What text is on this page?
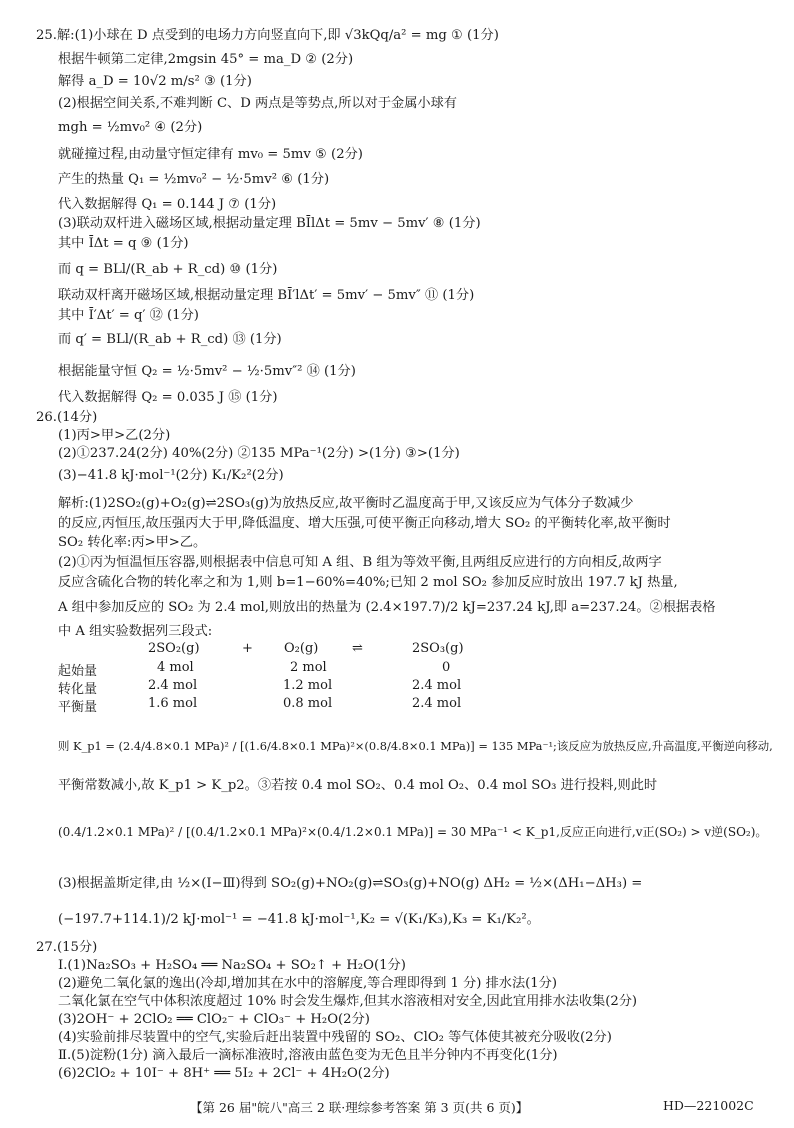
25.解:(1)小球在 D 点受到的电场力方向竖直向下,即 √3kQq/a² = mg ① (1分)
根据牛顿第二定律,2mgsin 45° = ma_D ② (2分)
解得 a_D = 10√2 m/s² ③ (1分)
(2)根据空间关系,不难判断 C、D 两点是等势点,所以对于金属小球有
mgh = ½mv₀² ④ (2分)
就碰撞过程,由动量守恒定律有 mv₀ = 5mv ⑤ (2分)
产生的热量 Q₁ = ½mv₀² − ½·5mv² ⑥ (1分)
代入数据解得 Q₁ = 0.144 J ⑦ (1分)
(3)联动双杆进入磁场区域,根据动量定理 BĪlΔt = 5mv − 5mv′ ⑧ (1分)
其中 ĪΔt = q ⑨ (1分)
而 q = BLl/(R_ab + R_cd) ⑩ (1分)
联动双杆离开磁场区域,根据动量定理 BĪ′lΔt′ = 5mv′ − 5mv″ ⑪ (1分)
其中 Ī′Δt′ = q′ ⑫ (1分)
而 q′ = BLl/(R_ab + R_cd) ⑬ (1分)
根据能量守恒 Q₂ = ½·5mv² − ½·5mv″² ⑭ (1分)
代入数据解得 Q₂ = 0.035 J ⑮ (1分)
26.(14分)
(1)丙>甲>乙(2分)
(2)①237.24(2分) 40%(2分) ②135 MPa⁻¹(2分) >(1分) ③>(1分)
(3)−41.8 kJ·mol⁻¹(2分) K₁/K₂²(2分)
解析:(1)2SO₂(g)+O₂(g)⇌2SO₃(g)为放热反应,故平衡时乙温度高于甲,又该反应为气体分子数减少
的反应,丙恒压,故压强丙大于甲,降低温度、增大压强,可使平衡正向移动,增大 SO₂ 的平衡转化率,故平衡时
SO₂ 转化率:丙>甲>乙。
(2)①丙为恒温恒压容器,则根据表中信息可知 A 组、B 组为等效平衡,且两组反应进行的方向相反,故两字
反应含硫化合物的转化率之和为 1,则 b=1−60%=40%;已知 2 mol SO₂ 参加反应时放出 197.7 kJ 热量,
A 组中参加反应的 SO₂ 为 2.4 mol,则放出的热量为 (2.4×197.7)/2 kJ=237.24 kJ,即 a=237.24。②根据表格
中 A 组实验数据列三段式:
2SO₂(g)	+ O₂(g)	⇌	2SO₃(g)
起始量	4 mol	2 mol	0
转化量	2.4 mol	1.2 mol	2.4 mol
平衡量	1.6 mol	0.8 mol	2.4 mol
则 K_p1 = (2.4/4.8×0.1 MPa)² / [(1.6/4.8×0.1 MPa)²×(0.8/4.8×0.1 MPa)] = 135 MPa⁻¹;该反应为放热反应,升高温度,平衡逆向移动,
平衡常数减小,故 K_p1 > K_p2。③若按 0.4 mol SO₂、0.4 mol O₂、0.4 mol SO₃ 进行投料,则此时
(0.4/1.2×0.1 MPa)² / [(0.4/1.2×0.1 MPa)²×(0.4/1.2×0.1 MPa)] = 30 MPa⁻¹ < K_p1,反应正向进行,v正(SO₂) > v逆(SO₂)。
(3)根据盖斯定律,由 ½×(Ⅰ−Ⅲ)得到 SO₂(g)+NO₂(g)⇌SO₃(g)+NO(g) ΔH₂ = ½×(ΔH₁−ΔH₃) =
(−197.7+114.1)/2 kJ·mol⁻¹ = −41.8 kJ·mol⁻¹,K₂ = √(K₁/K₃),K₃ = K₁/K₂²。
27.(15分)
Ⅰ.(1)Na₂SO₃ + H₂SO₄ ══ Na₂SO₄ + SO₂↑ + H₂O(1分)
(2)避免二氧化氯的逸出(冷却,增加其在水中的溶解度,等合理即得到 1 分) 排水法(1分)
二氧化氯在空气中体积浓度超过 10% 时会发生爆炸,但其水溶液相对安全,因此宜用排水法收集(2分)
(3)2OH⁻ + 2ClO₂ ══ ClO₂⁻ + ClO₃⁻ + H₂O(2分)
(4)实验前排尽装置中的空气,实验后赶出装置中残留的 SO₂、ClO₂ 等气体使其被充分吸收(2分)
Ⅱ.(5)淀粉(1分) 滴入最后一滴标准液时,溶液由蓝色变为无色且半分钟内不再变化(1分)
(6)2ClO₂ + 10I⁻ + 8H⁺ ══ 5I₂ + 2Cl⁻ + 4H₂O(2分)
【第 26 届"皖八"高三 2 联·理综参考答案 第 3 页(共 6 页)】	HD—221002C
